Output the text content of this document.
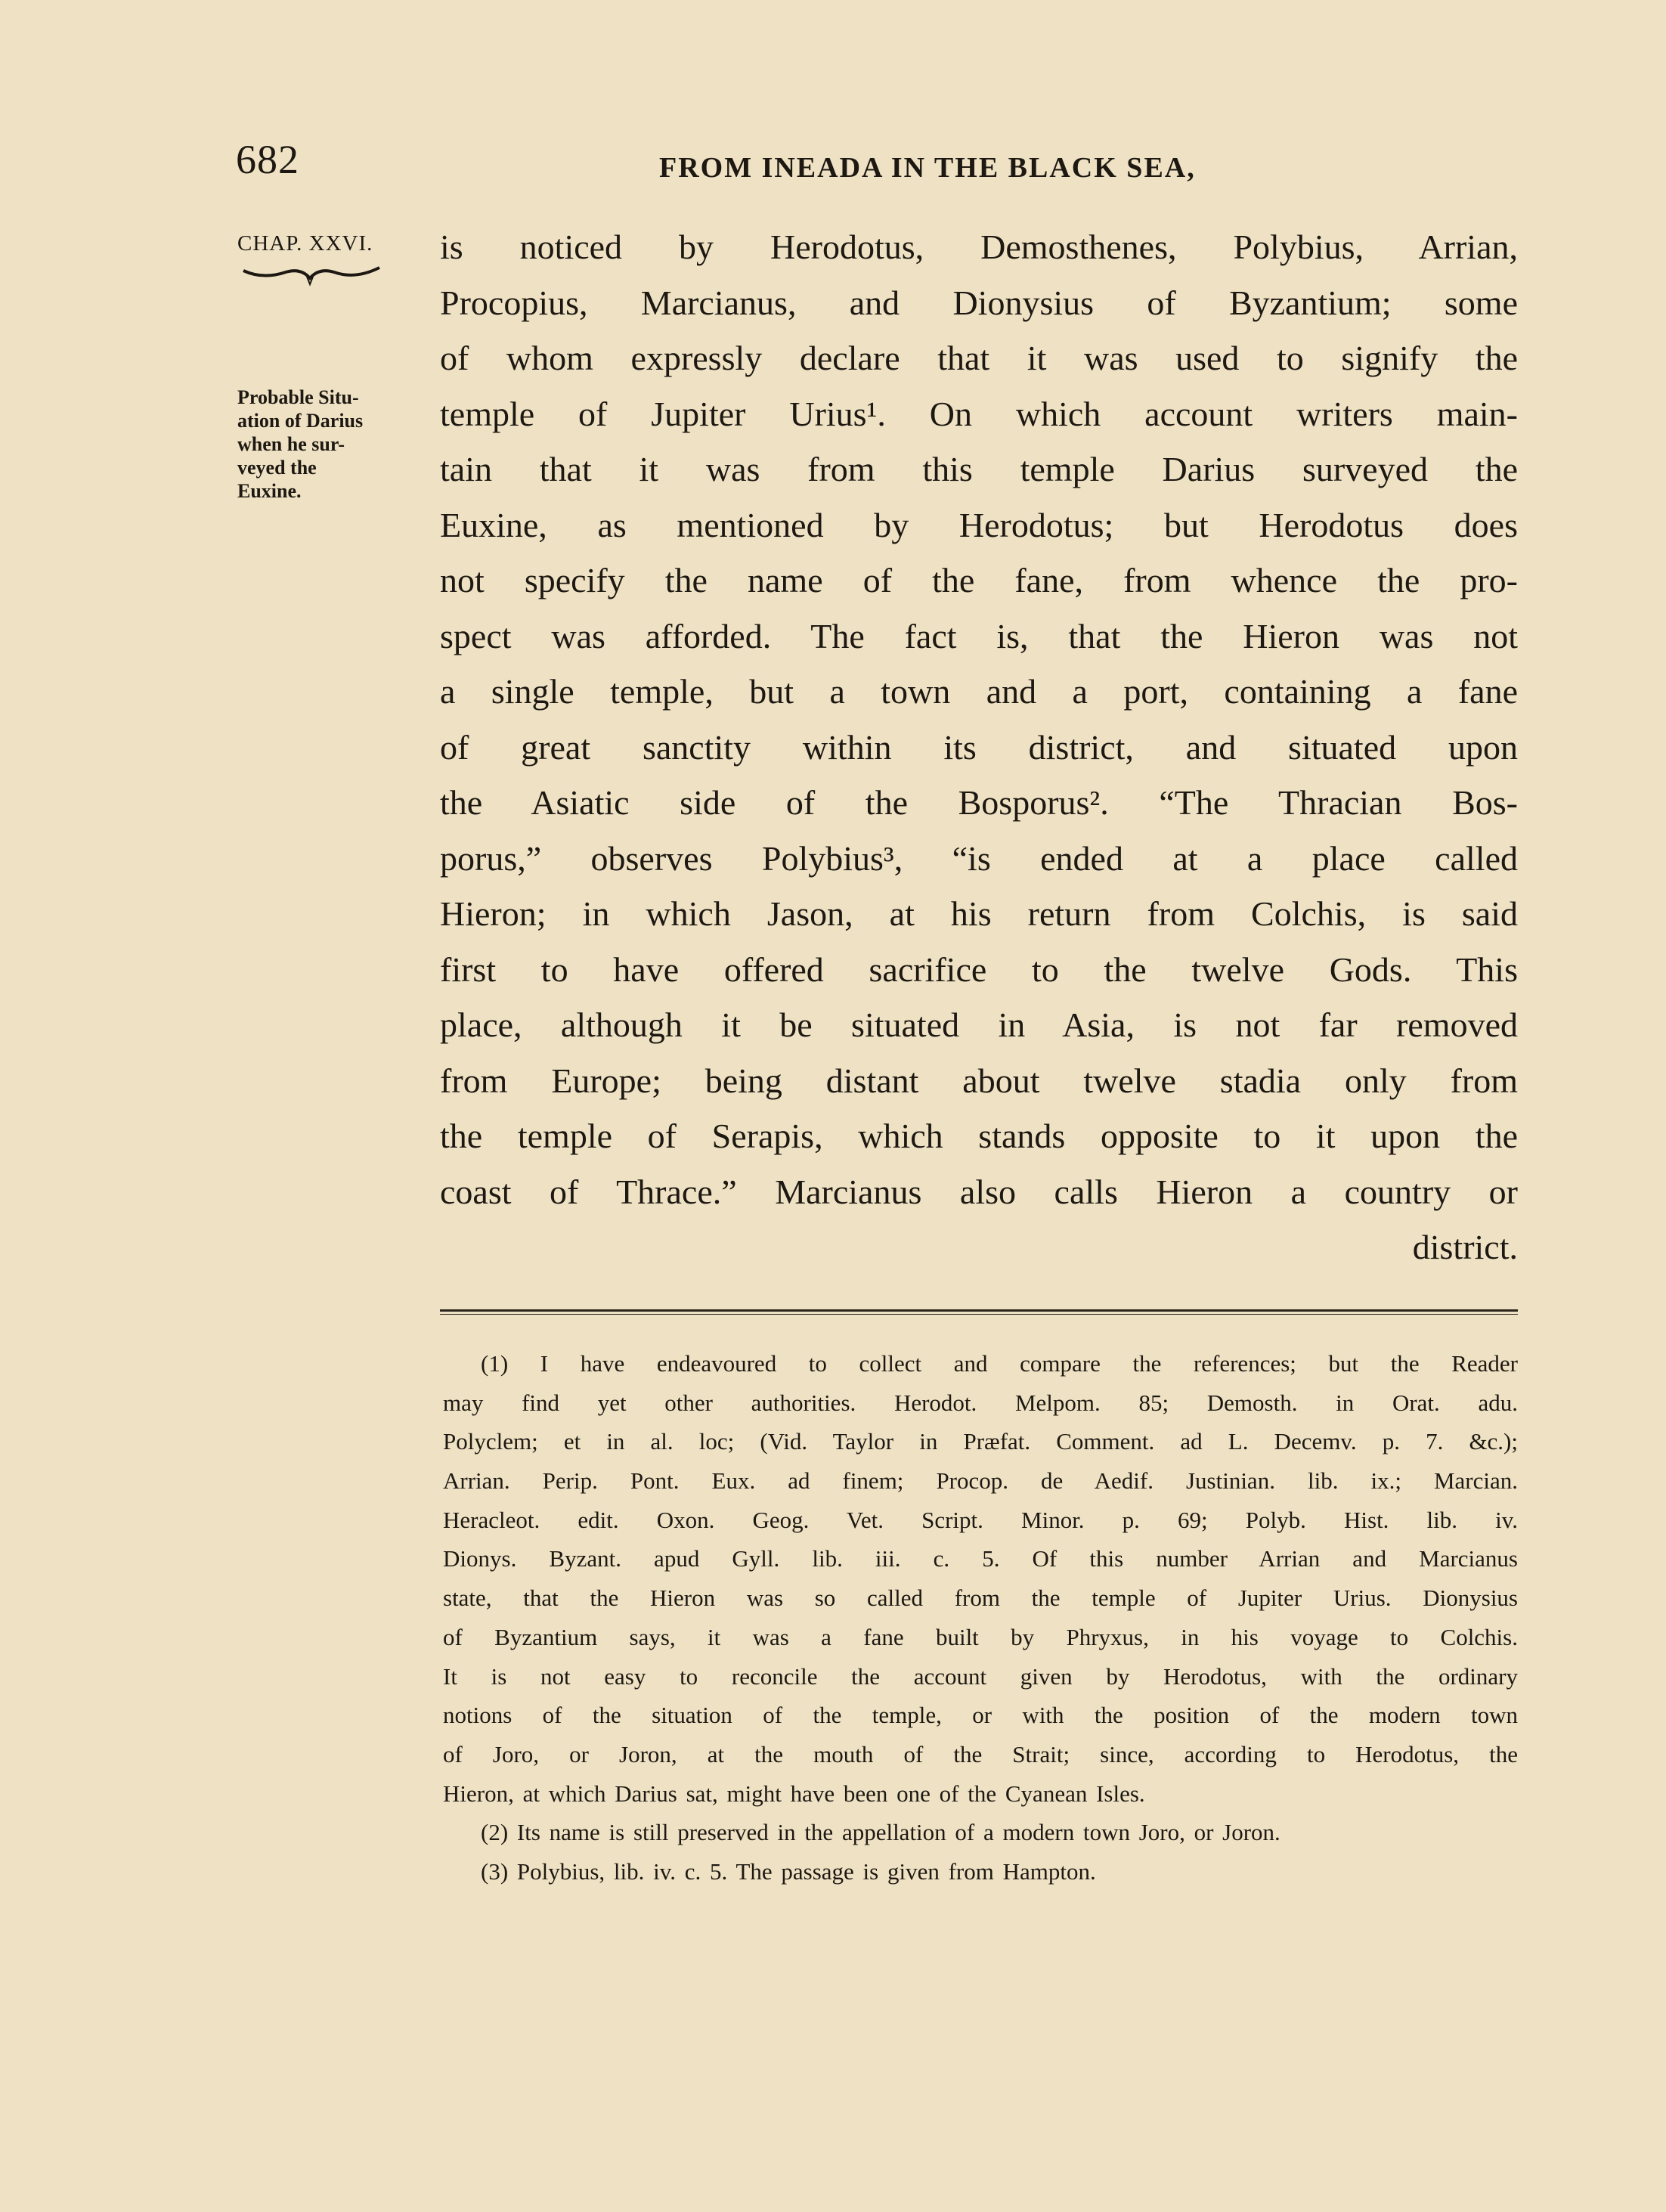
682	FROM INEADA IN THE BLACK SEA,
CHAP. XXVI.
Probable Situ-
ation of Darius
when he sur-
veyed the
Euxine.
is noticed by Herodotus, Demosthenes, Polybius, Arrian,
Procopius, Marcianus, and Dionysius of Byzantium; some
of whom expressly declare that it was used to signify the
temple of Jupiter Urius¹. On which account writers main-
tain that it was from this temple Darius surveyed the
Euxine, as mentioned by Herodotus; but Herodotus does
not specify the name of the fane, from whence the pro-
spect was afforded. The fact is, that the Hieron was not
a single temple, but a town and a port, containing a fane
of great sanctity within its district, and situated upon
the Asiatic side of the Bosporus². “The Thracian Bos-
porus,” observes Polybius³, “is ended at a place called
Hieron; in which Jason, at his return from Colchis, is said
first to have offered sacrifice to the twelve Gods. This
place, although it be situated in Asia, is not far removed
from Europe; being distant about twelve stadia only from
the temple of Serapis, which stands opposite to it upon the
coast of Thrace.” Marcianus also calls Hieron a country or
district.
(1) I have endeavoured to collect and compare the references; but the Reader
may find yet other authorities. Herodot. Melpom. 85; Demosth. in Orat. adu.
Polyclem; et in al. loc; (Vid. Taylor in Præfat. Comment. ad L. Decemv. p. 7. &c.);
Arrian. Perip. Pont. Eux. ad finem; Procop. de Aedif. Justinian. lib. ix.; Marcian.
Heracleot. edit. Oxon. Geog. Vet. Script. Minor. p. 69; Polyb. Hist. lib. iv.
Dionys. Byzant. apud Gyll. lib. iii. c. 5. Of this number Arrian and Marcianus
state, that the Hieron was so called from the temple of Jupiter Urius. Dionysius
of Byzantium says, it was a fane built by Phryxus, in his voyage to Colchis.
It is not easy to reconcile the account given by Herodotus, with the ordinary
notions of the situation of the temple, or with the position of the modern town
of Joro, or Joron, at the mouth of the Strait; since, according to Herodotus, the
Hieron, at which Darius sat, might have been one of the Cyanean Isles.
(2) Its name is still preserved in the appellation of a modern town Joro, or Joron.
(3) Polybius, lib. iv. c. 5. The passage is given from Hampton.
